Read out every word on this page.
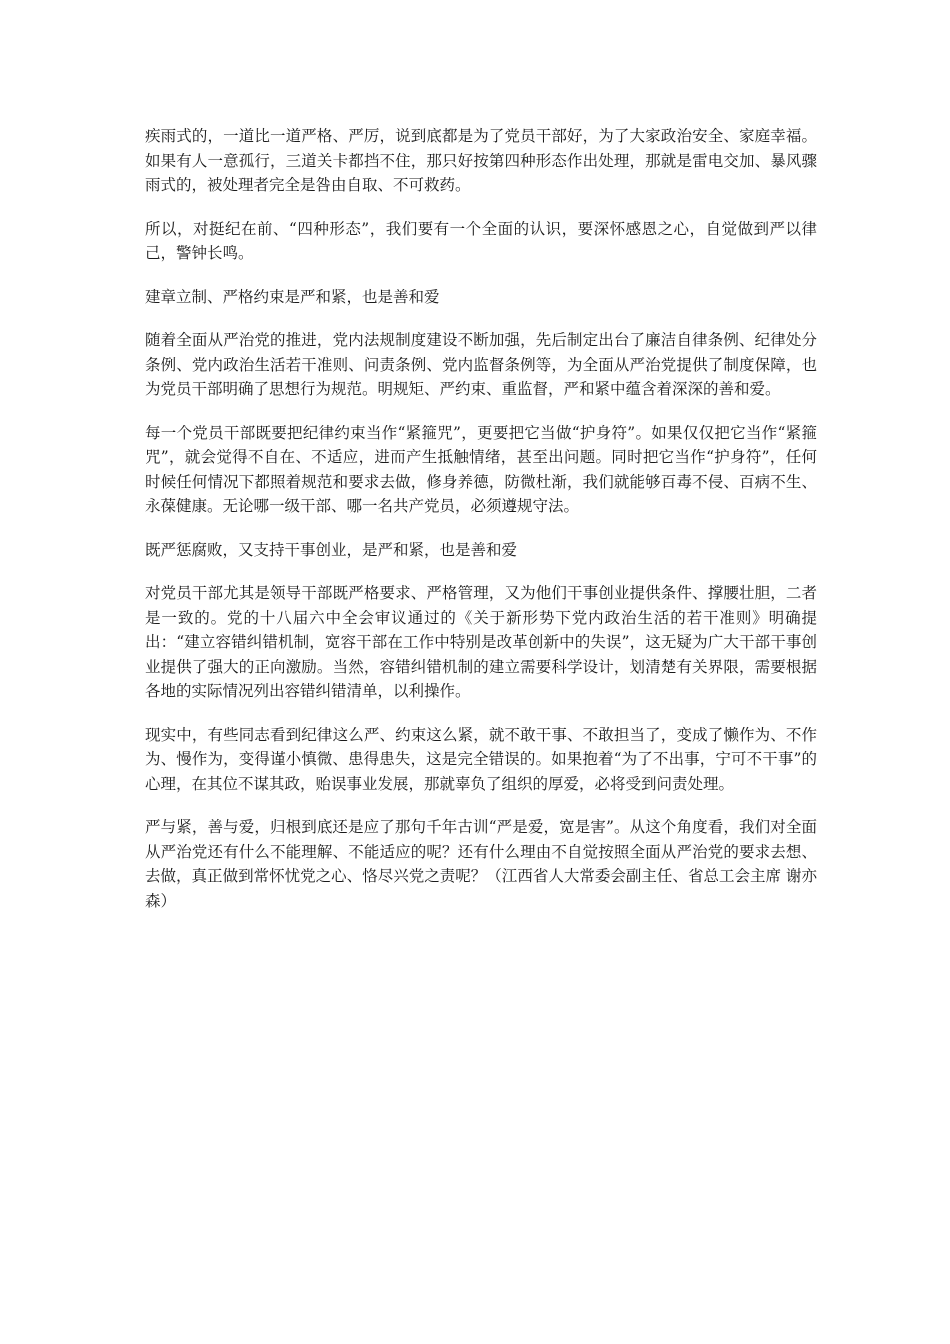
疾雨式的，一道比一道严格、严厉，说到底都是为了党员干部好，为了大家政治安全、家庭幸福。如果有人一意孤行，三道关卡都挡不住，那只好按第四种形态作出处理，那就是雷电交加、暴风骤雨式的，被处理者完全是咎由自取、不可救药。

所以，对挺纪在前、“四种形态”，我们要有一个全面的认识，要深怀感恩之心，自觉做到严以律己，警钟长鸣。

建章立制、严格约束是严和紧，也是善和爱

随着全面从严治党的推进，党内法规制度建设不断加强，先后制定出台了廉洁自律条例、纪律处分条例、党内政治生活若干准则、问责条例、党内监督条例等，为全面从严治党提供了制度保障，也为党员干部明确了思想行为规范。明规矩、严约束、重监督，严和紧中蕴含着深深的善和爱。

每一个党员干部既要把纪律约束当作“紧箍咒”，更要把它当做“护身符”。如果仅仅把它当作“紧箍咒”，就会觉得不自在、不适应，进而产生抵触情绪，甚至出问题。同时把它当作“护身符”，任何时候任何情况下都照着规范和要求去做，修身养德，防微杜渐，我们就能够百毒不侵、百病不生、永葆健康。无论哪一级干部、哪一名共产党员，必须遵规守法。

既严惩腐败，又支持干事创业，是严和紧，也是善和爱

对党员干部尤其是领导干部既严格要求、严格管理，又为他们干事创业提供条件、撑腰壮胆，二者是一致的。党的十八届六中全会审议通过的《关于新形势下党内政治生活的若干准则》明确提出：“建立容错纠错机制，宽容干部在工作中特别是改革创新中的失误”，这无疑为广大干部干事创业提供了强大的正向激励。当然，容错纠错机制的建立需要科学设计，划清楚有关界限，需要根据各地的实际情况列出容错纠错清单，以利操作。

现实中，有些同志看到纪律这么严、约束这么紧，就不敢干事、不敢担当了，变成了懒作为、不作为、慢作为，变得谨小慎微、患得患失，这是完全错误的。如果抱着“为了不出事，宁可不干事”的心理，在其位不谋其政，贻误事业发展，那就辜负了组织的厚爱，必将受到问责处理。

严与紧，善与爱，归根到底还是应了那句千年古训“严是爱，宽是害”。从这个角度看，我们对全面从严治党还有什么不能理解、不能适应的呢？还有什么理由不自觉按照全面从严治党的要求去想、去做，真正做到常怀忧党之心、恪尽兴党之责呢？（江西省人大常委会副主任、省总工会主席 谢亦森）
